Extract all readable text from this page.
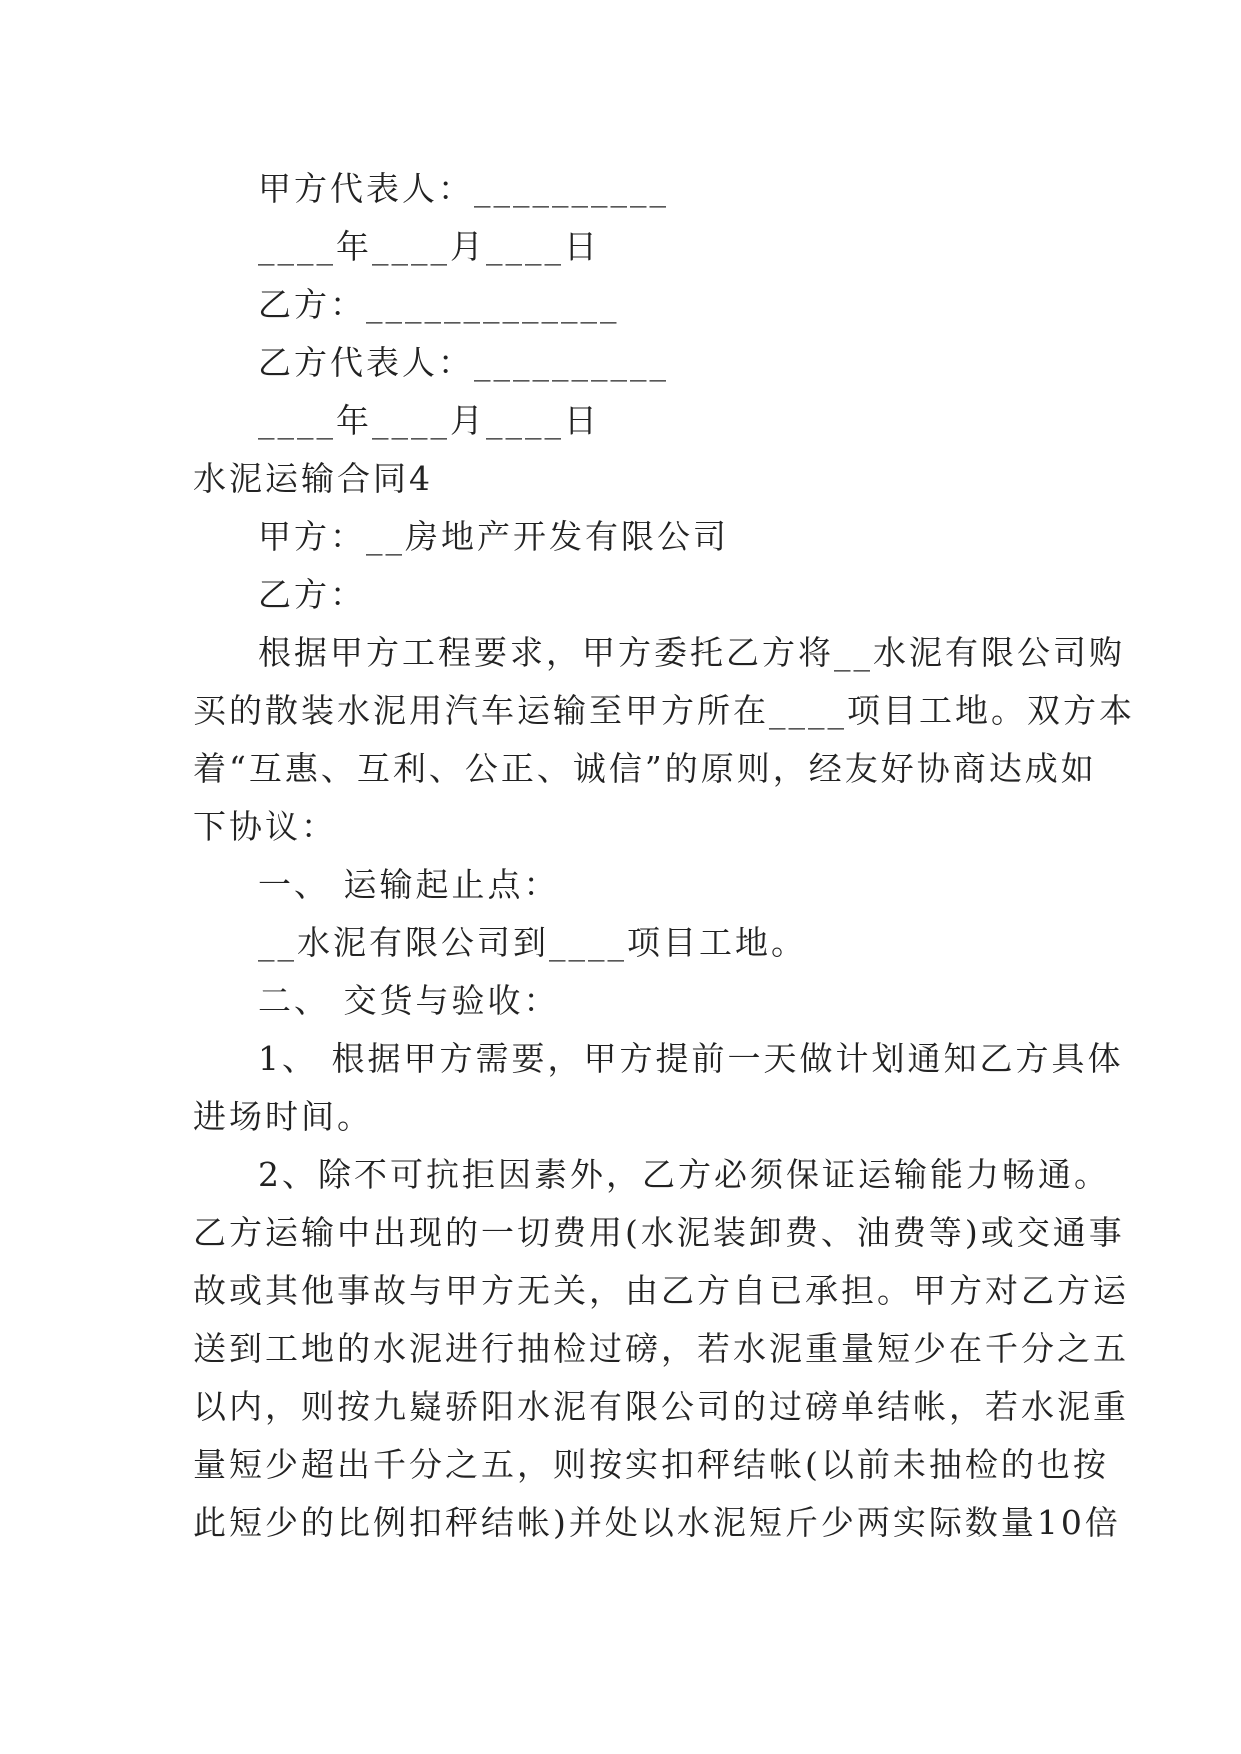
甲方代表人：__________
____年____月____日
乙方：_____________
乙方代表人：__________
____年____月____日
水泥运输合同4
甲方：__房地产开发有限公司
乙方：
根据甲方工程要求，甲方委托乙方将__水泥有限公司购
买的散装水泥用汽车运输至甲方所在____项目工地。双方本
着“互惠、互利、公正、诚信”的原则，经友好协商达成如
下协议：
一、 运输起止点：
__水泥有限公司到____项目工地。
二、 交货与验收：
1、 根据甲方需要，甲方提前一天做计划通知乙方具体
进场时间。
2、除不可抗拒因素外，乙方必须保证运输能力畅通。
乙方运输中出现的一切费用(水泥装卸费、油费等)或交通事
故或其他事故与甲方无关，由乙方自已承担。甲方对乙方运
送到工地的水泥进行抽检过磅，若水泥重量短少在千分之五
以内，则按九嶷骄阳水泥有限公司的过磅单结帐，若水泥重
量短少超出千分之五，则按实扣秤结帐(以前未抽检的也按
此短少的比例扣秤结帐)并处以水泥短斤少两实际数量10倍
